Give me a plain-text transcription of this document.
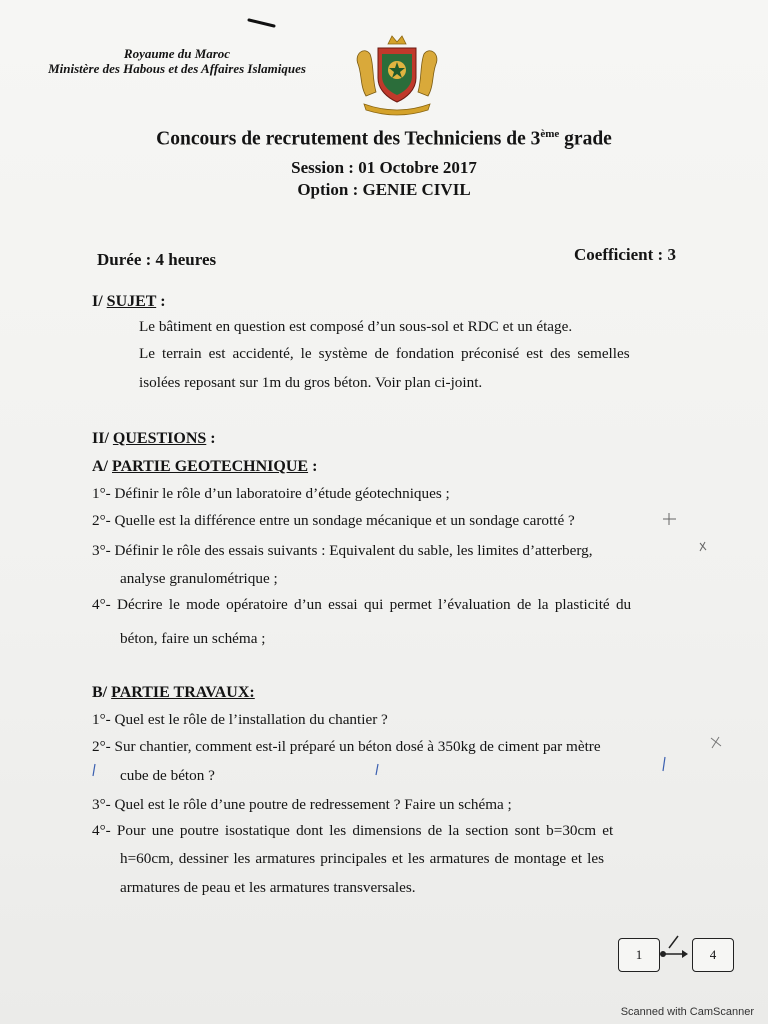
Royaume du Maroc
Ministère des Habous et des Affaires Islamiques
Concours de recrutement des Techniciens de 3ème grade
Session : 01 Octobre 2017
Option : GENIE CIVIL
Durée : 4 heures	Coefficient : 3
I/ SUJET :
Le bâtiment en question est composé d’un sous-sol et RDC et un étage.
Le terrain est accidenté, le système de fondation préconisé est des semelles
isolées reposant sur 1m du gros béton. Voir plan ci-joint.
II/ QUESTIONS :
A/ PARTIE GEOTECHNIQUE :
1°- Définir le rôle d’un laboratoire d’étude géotechniques ;
2°- Quelle est la différence entre un sondage mécanique et un sondage carotté ?
3°- Définir le rôle des essais suivants : Equivalent du sable, les limites d’atterberg,
analyse granulométrique ;
4°- Décrire le mode opératoire d’un essai qui permet l’évaluation de la plasticité du
béton, faire un schéma ;
B/ PARTIE TRAVAUX:
1°- Quel est le rôle de l’installation du chantier ?
2°- Sur chantier, comment est-il préparé un béton dosé à 350kg de ciment par mètre
cube de béton ?
3°- Quel est le rôle d’une poutre de redressement ? Faire un schéma ;
4°- Pour une poutre isostatique dont les dimensions de la section sont b=30cm et
h=60cm, dessiner les armatures principales et les armatures de montage et les
armatures de peau et les armatures transversales.
1	4
Scanned with CamScanner
